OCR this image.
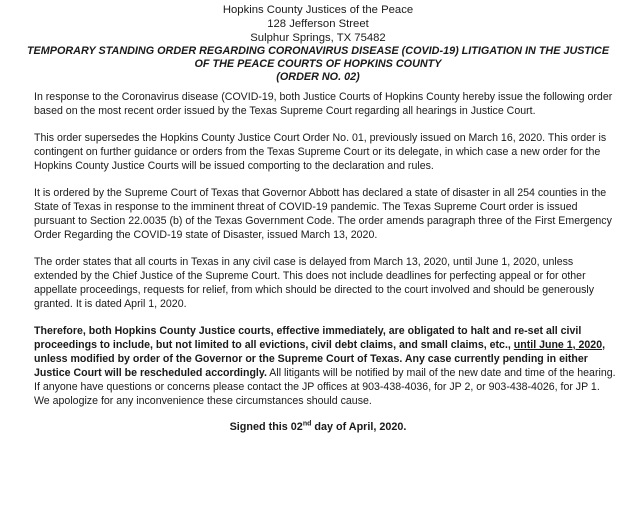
Hopkins County Justices of the Peace
128 Jefferson Street
Sulphur Springs, TX 75482
TEMPORARY STANDING ORDER REGARDING CORONAVIRUS DISEASE (COVID-19) LITIGATION IN THE JUSTICE
OF THE PEACE COURTS OF HOPKINS COUNTY
(ORDER NO. 02)

In response to the Coronavirus disease (COVID-19, both Justice Courts of Hopkins County hereby issue the following order based on the most recent order issued by the Texas Supreme Court regarding all hearings in Justice Court.

This order supersedes the Hopkins County Justice Court Order No. 01, previously issued on March 16, 2020. This order is contingent on further guidance or orders from the Texas Supreme Court or its delegate, in which case a new order for the Hopkins County Justice Courts will be issued comporting to the declaration and rules.

It is ordered by the Supreme Court of Texas that Governor Abbott has declared a state of disaster in all 254 counties in the State of Texas in response to the imminent threat of COVID-19 pandemic. The Texas Supreme Court order is issued pursuant to Section 22.0035 (b) of the Texas Government Code. The order amends paragraph three of the First Emergency Order Regarding the COVID-19 state of Disaster, issued March 13, 2020.

The order states that all courts in Texas in any civil case is delayed from March 13, 2020, until June 1, 2020, unless extended by the Chief Justice of the Supreme Court. This does not include deadlines for perfecting appeal or for other appellate proceedings, requests for relief, from which should be directed to the court involved and should be generously granted. It is dated April 1, 2020.

Therefore, both Hopkins County Justice courts, effective immediately, are obligated to halt and re-set all civil proceedings to include, but not limited to all evictions, civil debt claims, and small claims, etc., until June 1, 2020, unless modified by order of the Governor or the Supreme Court of Texas. Any case currently pending in either Justice Court will be rescheduled accordingly. All litigants will be notified by mail of the new date and time of the hearing. If anyone have questions or concerns please contact the JP offices at 903-438-4036, for JP 2, or 903-438-4026, for JP 1. We apologize for any inconvenience these circumstances should cause.

Signed this 02nd day of April, 2020.
